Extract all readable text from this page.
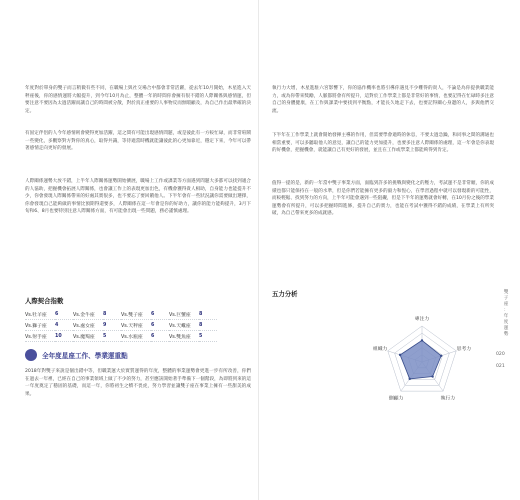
年度對於單身的雙子而言稍微有些不同，在職場上與社交場合中都會非常活躍，從去年10月開始，木星進入天秤座後，你的感情運將大幅提升，到今年10月為止，整體一年的時間你會擁有很不錯的人際關係與感情運，但要注意不要因為太過活躍而讓自己的時間被分散，對於真正重要的人事物反而無暇顧及，為自己作出最準確的決定。

有固定伴侶的人今年感情則會變得更加活躍，這之間有可能出現感情問題，或是彼此有一方較忙碌，而非常喧鬧一些變化，多觀察對方對你的真心，取得共識，等待適當時機就能讓彼此的心更加靠近，穩定下來，今年可以帶著感情走向更好的發展。

人際關係運勢大放不錯，上半年人際關係運勢開始擴展，職場上工作或課業等方面遇到問題大多都可以找到適合的人協助，把握機會拓展人際關係，也會讓工作上的表現更加出色，有機會獲得貴人相助，自身能力也能提升不少，你會發現人際關係帶來的好處其實很多，也不要忘了要回饋他人。下半年會有一些狀況讓你需要做出選擇，你會發現自己能夠做的事情比預期得還要多，人際關係在這一年會是你的好助力，讓你的能力能夠提升，3月下旬和6、8月也要特別注意人際關係方面，有可能會出現一些問題，務必謹慎處理。

人際契合指數

Vs.牡羊座	6	Vs.金牛座	8	Vs.雙子座	6	Vs.巨蟹座	8
Vs.獅子座	4	Vs.處女座	9	Vs.天秤座	6	Vs.天蠍座	8
Vs.射手座	10	Vs.魔羯座	5	Vs.水瓶座	6	Vs.雙魚座	5
全年度星座工作、學業運重點

2018年對雙子來說是個出錯中等，但職業運大於實質運得的年度，整體的事業運勢會更進一步有所改善，你們在過去一年裡，已經在自己的事業領域上做了不少的努力，甚至應該開始著手準備下一個階段，為即將到來的這一年度奠定了穩固的基礎，而這一年，你將初生之犢不畏虎，努力學習並讓雙子座在事業上擁有一些甜美的成果。

執行力大增，木星進駐六宮影響下，你的協作機率也將引導你遇見不少難得的貴人，不論是為你提供職業能力，或為你帶來獎勵，人脈都將會有所提升，這對於工作學業上都是非常好的事情，也要記得在忙碌時多注意自己的身體健康，在工作與課業中要找到平衡點，才能長久地走下去，也要記得關心身邊的人，多與他們交流。

下半年在工作學業上就會開始發揮主導的作用，但需要學會適時的休息，不要太過急躁，和同事之間的溝通也相當重要，可以多聽取他人的意見，讓自己的能力更加提升，也要多注意人際關係的處理，這一年會是你表現的好機會，把握機會，就能讓自己有更好的發展，並且在工作或學業上都能夠得到肯定。

值得一提的是，新的一年當中雙子事業方面，面臨到許多的挑戰與變化之的壓力，考試運不是非常順，你的成績也都只能保持在一般的水準，但是你們若能擁有更多的毅力和恆心，在學習過程中就可以發現新的可能性，而較輕鬆、找到努力的方向，上半年可能會遇到一些阻礙，但是下半年的運勢就會好轉，在10月份之後的學業運勢會有所提升，可以多把握時間進修，提升自己的實力，也能在考試中獲得不錯的成績，在學業上有所突破，為自己帶來更多的成就感。

五力分析

專注力
思考力
執行力
側顧力
組織力
雙
子
座
：
年
度
運
勢
020
021
